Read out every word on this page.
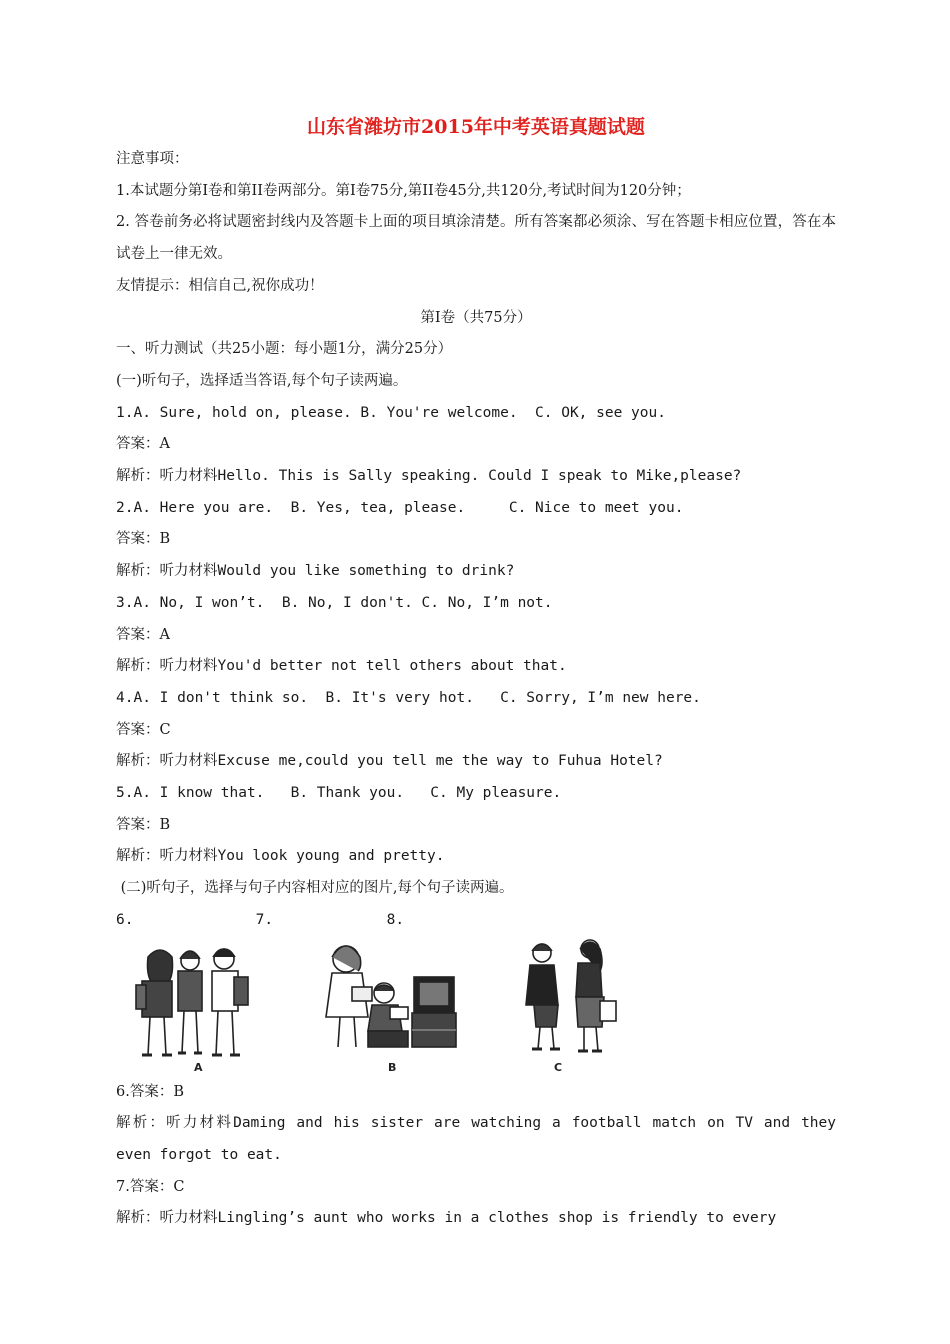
山东省潍坊市2015年中考英语真题试题

注意事项：

1.本试题分第Ⅰ卷和第II卷两部分。第Ⅰ卷75分,第II卷45分,共120分,考试时间为120分钟；

2. 答卷前务必将试题密封线内及答题卡上面的项目填涂清楚。所有答案都必须涂、写在答题卡相应位置，答在本试卷上一律无效。

友情提示：相信自己,祝你成功！

第Ⅰ卷（共75分）

一、听力测试（共25小题：每小题1分，满分25分）

(一)听句子，选择适当答语,每个句子读两遍。

1.A. Sure, hold on, please. B. You're welcome.  C. OK, see you.

答案：A

解析：听力材料Hello. This is Sally speaking. Could I speak to Mike,please?

2.A. Here you are.  B. Yes, tea, please.     C. Nice to meet you.

答案：B

解析：听力材料Would you like something to drink?

3.A. No, I won’t.  B. No, I don't. C. No, I’m not.

答案：A

解析：听力材料You'd better not tell others about that.

4.A. I don't think so.  B. It's very hot.   C. Sorry, I’m new here.

答案：C

解析：听力材料Excuse me,could you tell me the way to Fuhua Hotel?

5.A. I know that.   B. Thank you.   C. My pleasure.

答案：B

解析：听力材料You look young and pretty.

(二)听句子，选择与句子内容相对应的图片,每个句子读两遍。

6.              7.             8.

A	B	C

6.答案：B

解析：听力材料Daming and his sister are watching a football match on TV and they even forgot to eat.

7.答案：C

解析：听力材料Lingling’s aunt who works in a clothes shop is friendly to every
